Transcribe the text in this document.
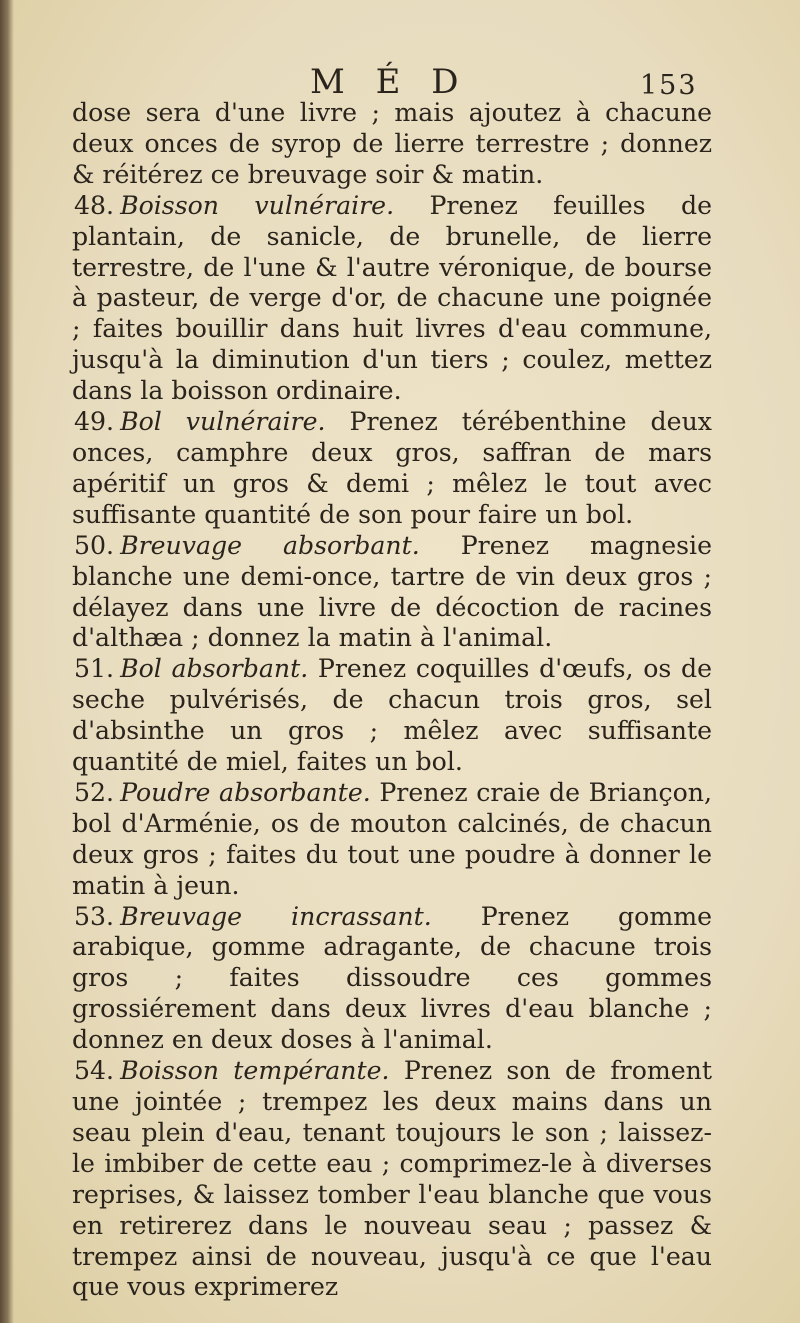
M É D	153

dose sera d'une livre ; mais ajoutez à chacune deux onces de syrop de lierre terrestre ; donnez & réitérez ce breuvage soir & matin.

48. Boisson vulnéraire. Prenez feuilles de plantain, de sanicle, de brunelle, de lierre terrestre, de l'une & l'autre véronique, de bourse à pasteur, de verge d'or, de chacune une poignée ; faites bouillir dans huit livres d'eau commune, jusqu'à la diminution d'un tiers ; coulez, mettez dans la boisson ordinaire.

49. Bol vulnéraire. Prenez térébenthine deux onces, camphre deux gros, saffran de mars apéritif un gros & demi ; mêlez le tout avec suffisante quantité de son pour faire un bol.

50. Breuvage absorbant. Prenez magnesie blanche une demi-once, tartre de vin deux gros ; délayez dans une livre de décoction de racines d'althæa ; donnez la matin à l'animal.

51. Bol absorbant. Prenez coquilles d'œufs, os de seche pulvérisés, de chacun trois gros, sel d'absinthe un gros ; mêlez avec suffisante quantité de miel, faites un bol.

52. Poudre absorbante. Prenez craie de Briançon, bol d'Arménie, os de mouton calcinés, de chacun deux gros ; faites du tout une poudre à donner le matin à jeun.

53. Breuvage incrassant. Prenez gomme arabique, gomme adragante, de chacune trois gros ; faites dissoudre ces gommes grossiérement dans deux livres d'eau blanche ; donnez en deux doses à l'animal.

54. Boisson tempérante. Prenez son de froment une jointée ; trempez les deux mains dans un seau plein d'eau, tenant toujours le son ; laissez-le imbiber de cette eau ; comprimez-le à diverses reprises, & laissez tomber l'eau blanche que vous en retirerez dans le nouveau seau ; passez & trempez ainsi de nouveau, jusqu'à ce que l'eau que vous exprimerez
